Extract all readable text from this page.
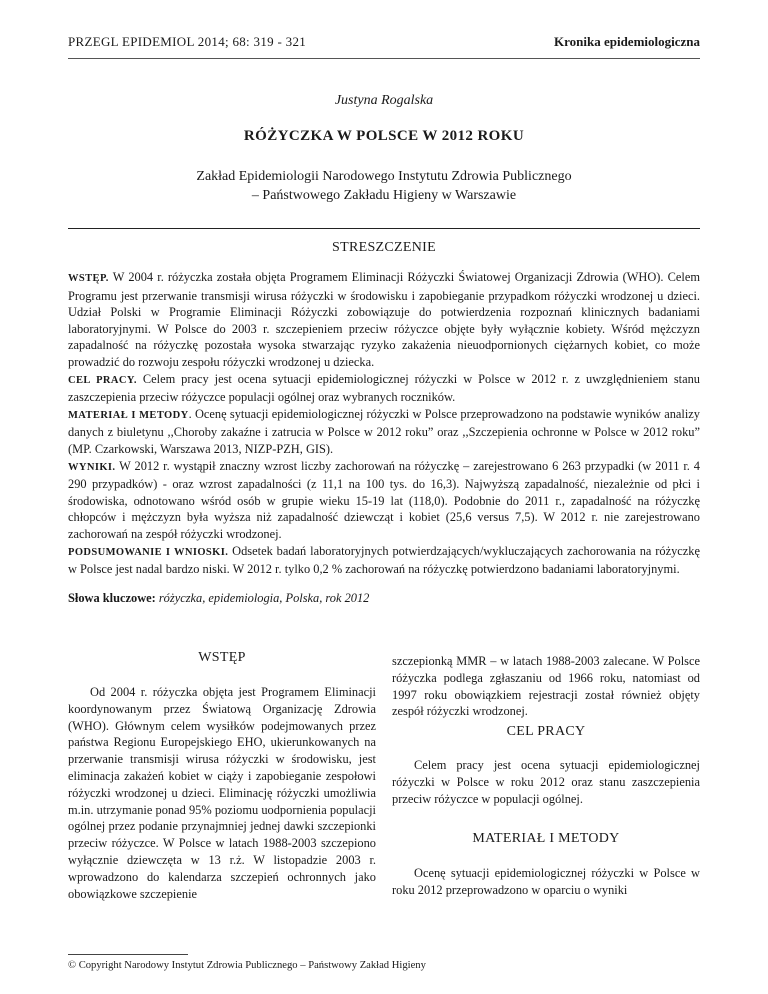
PRZEGL EPIDEMIOL 2014; 68: 319 - 321	Kronika epidemiologiczna
Justyna Rogalska
RÓŻYCZKA W POLSCE W 2012 ROKU
Zakład Epidemiologii Narodowego Instytutu Zdrowia Publicznego
– Państwowego Zakładu Higieny w Warszawie
STRESZCZENIE

WSTĘP. W 2004 r. różyczka została objęta Programem Eliminacji Różyczki Światowej Organizacji Zdrowia (WHO). Celem Programu jest przerwanie transmisji wirusa różyczki w środowisku i zapobieganie przypadkom różyczki wrodzonej u dzieci. Udział Polski w Programie Eliminacji Różyczki zobowiązuje do potwierdzenia rozpoznań klinicznych badaniami laboratoryjnymi. W Polsce do 2003 r. szczepieniem przeciw różyczce objęte były wyłącznie kobiety. Wśród mężczyzn zapadalność na różyczkę pozostała wysoka stwarzając ryzyko zakażenia nieuodpornionych ciężarnych kobiet, co może prowadzić do rozwoju zespołu różyczki wrodzonej u dziecka.

CEL PRACY. Celem pracy jest ocena sytuacji epidemiologicznej różyczki w Polsce w 2012 r. z uwzględnieniem stanu zaszczepienia przeciw różyczce populacji ogólnej oraz wybranych roczników.

MATERIAŁ I METODY. Ocenę sytuacji epidemiologicznej różyczki w Polsce przeprowadzono na podstawie wyników analizy danych z biuletynu ,,Choroby zakaźne i zatrucia w Polsce w 2012 roku” oraz ,,Szczepienia ochronne w Polsce w 2012 roku” (MP. Czarkowski, Warszawa 2013, NIZP-PZH, GIS).

WYNIKI. W 2012 r. wystąpił znaczny wzrost liczby zachorowań na różyczkę – zarejestrowano 6 263 przypadki (w 2011 r. 4 290 przypadków) - oraz wzrost zapadalności (z 11,1 na 100 tys. do 16,3). Najwyższą zapadalność, niezależnie od płci i środowiska, odnotowano wśród osób w grupie wieku 15-19 lat (118,0). Podobnie do 2011 r., zapadalność na różyczkę chłopców i mężczyzn była wyższa niż zapadalność dziewcząt i kobiet (25,6 versus 7,5). W 2012 r. nie zarejestrowano zachorowań na zespół różyczki wrodzonej.

PODSUMOWANIE I WNIOSKI. Odsetek badań laboratoryjnych potwierdzających/wykluczających zachorowania na różyczkę w Polsce jest nadal bardzo niski. W 2012 r. tylko 0,2 % zachorowań na różyczkę potwierdzono badaniami laboratoryjnymi.

Słowa kluczowe: różyczka, epidemiologia, Polska, rok 2012
WSTĘP

Od 2004 r. różyczka objęta jest Programem Eliminacji koordynowanym przez Światową Organizację Zdrowia (WHO). Głównym celem wysiłków podejmowanych przez państwa Regionu Europejskiego EHO, ukierunkowanych na przerwanie transmisji wirusa różyczki w środowisku, jest eliminacja zakażeń kobiet w ciąży i zapobieganie zespołowi różyczki wrodzonej u dzieci. Eliminację różyczki umożliwia m.in. utrzymanie ponad 95% poziomu uodpornienia populacji ogólnej przez podanie przynajmniej jednej dawki szczepionki przeciw różyczce. W Polsce w latach 1988-2003 szczepiono wyłącznie dziewczęta w 13 r.ż. W listopadzie 2003 r. wprowadzono do kalendarza szczepień ochronnych jako obowiązkowe szczepienie

szczepionką MMR – w latach 1988-2003 zalecane. W Polsce różyczka podlega zgłaszaniu od 1966 roku, natomiast od 1997 roku obowiązkiem rejestracji został również objęty zespół różyczki wrodzonej.

CEL PRACY

Celem pracy jest ocena sytuacji epidemiologicznej różyczki w Polsce w roku 2012 oraz stanu zaszczepienia przeciw różyczce w populacji ogólnej.

MATERIAŁ I METODY

Ocenę sytuacji epidemiologicznej różyczki w Polsce w roku 2012 przeprowadzono w oparciu o wyniki

© Copyright Narodowy Instytut Zdrowia Publicznego – Państwowy Zakład Higieny
